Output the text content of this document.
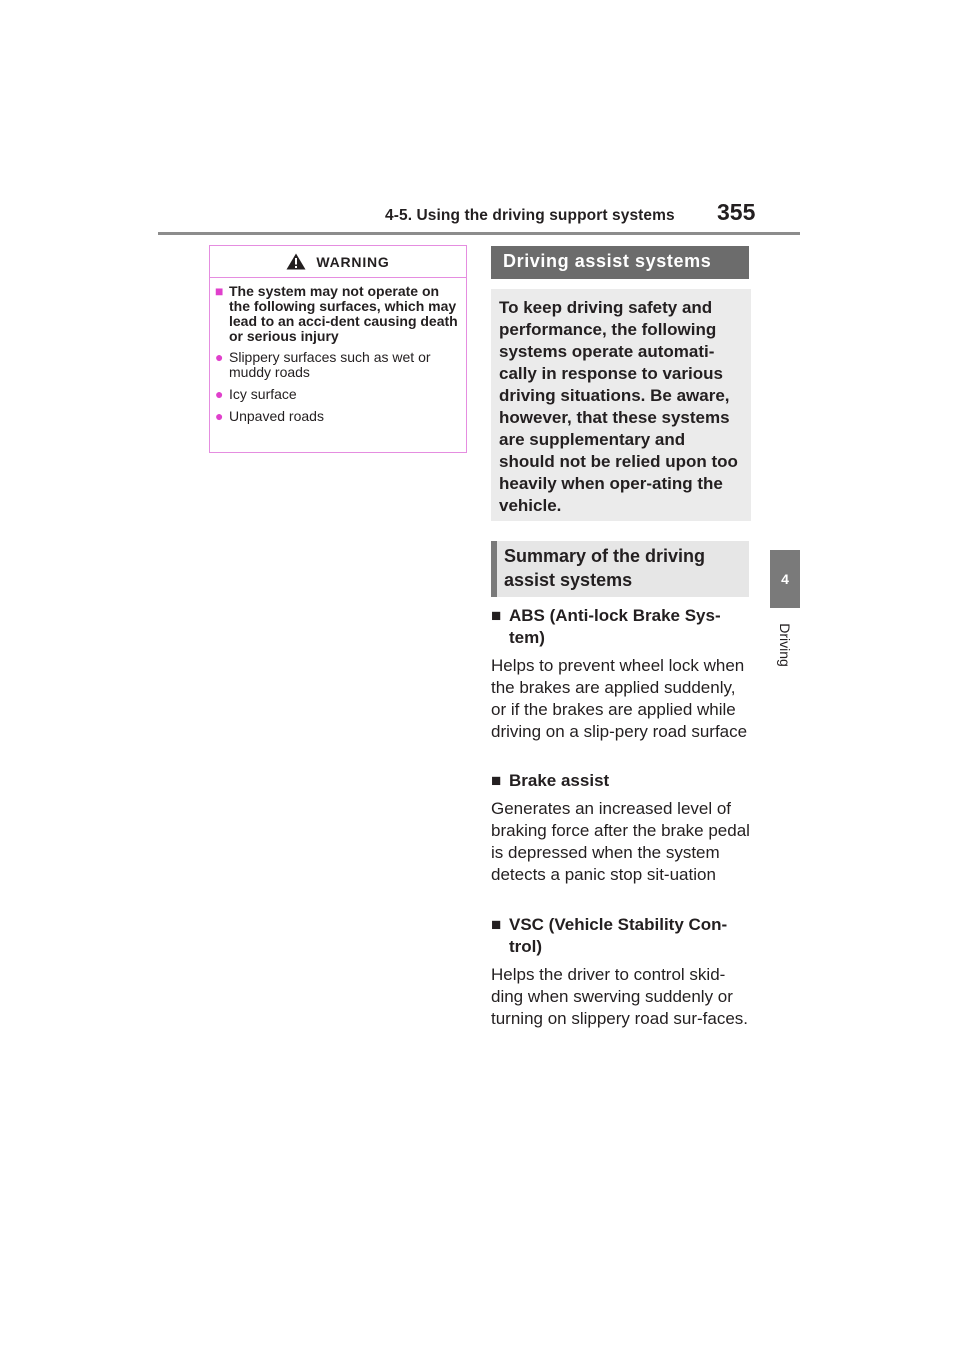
4-5. Using the driving support systems 355
4
Driving
WARNING
■ The system may not operate on the following surfaces, which may lead to an acci-dent causing death or serious injury
● Slippery surfaces such as wet or muddy roads
● Icy surface
● Unpaved roads
Driving assist systems
To keep driving safety and performance, the following systems operate automati-cally in response to various driving situations. Be aware, however, that these systems are supplementary and should not be relied upon too heavily when oper-ating the vehicle.
Summary of the driving assist systems
■ ABS (Anti-lock Brake Sys-tem)
Helps to prevent wheel lock when the brakes are applied suddenly, or if the brakes are applied while driving on a slip-pery road surface
■ Brake assist
Generates an increased level of braking force after the brake pedal is depressed when the system detects a panic stop sit-uation
■ VSC (Vehicle Stability Con-trol)
Helps the driver to control skid-ding when swerving suddenly or turning on slippery road sur-faces.
